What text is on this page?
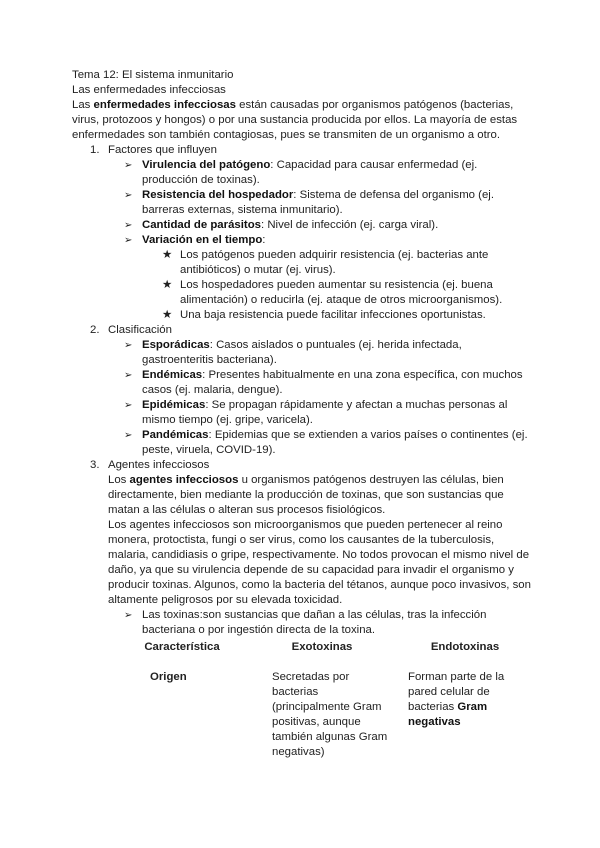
Tema 12: El sistema inmunitario

Las enfermedades infecciosas

Las enfermedades infecciosas están causadas por organismos patógenos (bacterias, virus, protozoos y hongos) o por una sustancia producida por ellos. La mayoría de estas enfermedades son también contagiosas, pues se transmiten de un organismo a otro.

1. Factores que influyen
➢ Virulencia del patógeno: Capacidad para causar enfermedad (ej. producción de toxinas).
➢ Resistencia del hospedador: Sistema de defensa del organismo (ej. barreras externas, sistema inmunitario).
➢ Cantidad de parásitos: Nivel de infección (ej. carga viral).
➢ Variación en el tiempo:
★ Los patógenos pueden adquirir resistencia (ej. bacterias ante antibióticos) o mutar (ej. virus).
★ Los hospedadores pueden aumentar su resistencia (ej. buena alimentación) o reducirla (ej. ataque de otros microorganismos).
★ Una baja resistencia puede facilitar infecciones oportunistas.
2. Clasificación
➢ Esporádicas: Casos aislados o puntuales (ej. herida infectada, gastroenteritis bacteriana).
➢ Endémicas: Presentes habitualmente en una zona específica, con muchos casos (ej. malaria, dengue).
➢ Epidémicas: Se propagan rápidamente y afectan a muchas personas al mismo tiempo (ej. gripe, varicela).
➢ Pandémicas: Epidemias que se extienden a varios países o continentes (ej. peste, viruela, COVID-19).
3. Agentes infecciosos

Los agentes infecciosos u organismos patógenos destruyen las células, bien directamente, bien mediante la producción de toxinas, que son sustancias que matan a las células o alteran sus procesos fisiológicos.

Los agentes infecciosos son microorganismos que pueden pertenecer al reino monera, protoctista, fungi o ser virus, como los causantes de la tuberculosis, malaria, candidiasis o gripe, respectivamente. No todos provocan el mismo nivel de daño, ya que su virulencia depende de su capacidad para invadir el organismo y producir toxinas. Algunos, como la bacteria del tétanos, aunque poco invasivos, son altamente peligrosos por su elevada toxicidad.

➢ Las toxinas:son sustancias que dañan a las células, tras la infección bacteriana o por ingestión directa de la toxina.
Característica	Exotoxinas	Endotoxinas
Origen	Secretadas por bacterias (principalmente Gram positivas, aunque también algunas Gram negativas)	Forman parte de la pared celular de bacterias Gram negativas
